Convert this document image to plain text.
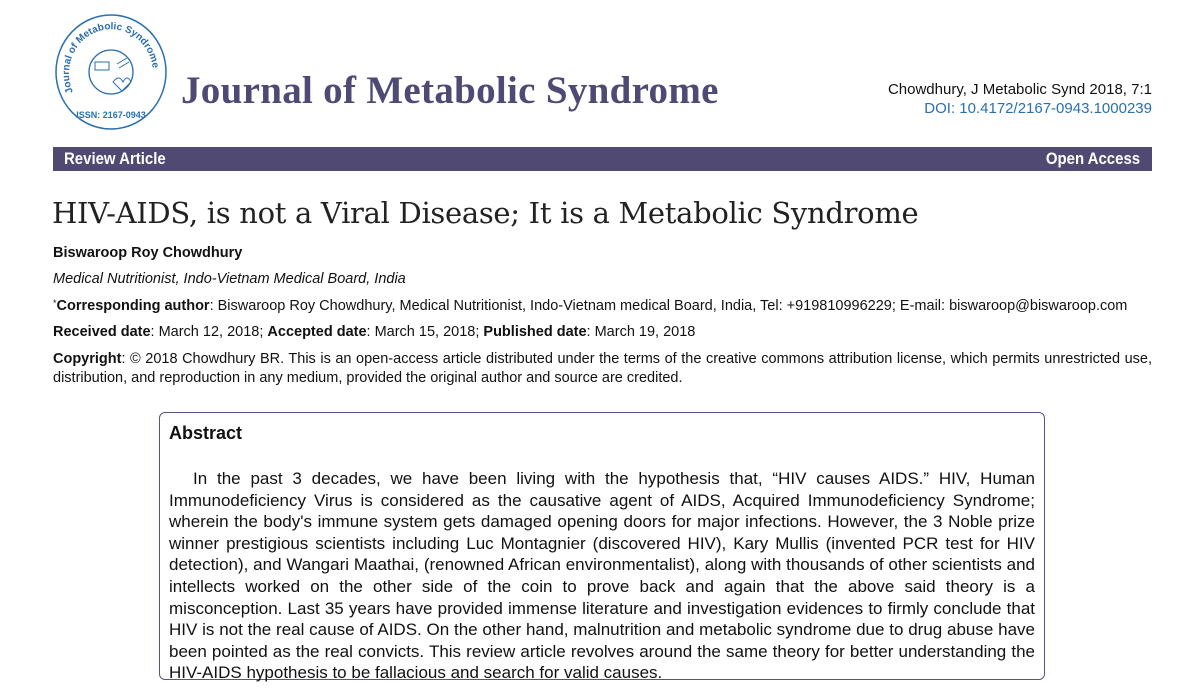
Journal of Metabolic Syndrome
ISSN: 2167-0943
Journal of Metabolic Syndrome	Chowdhury, J Metabolic Synd 2018, 7:1
DOI: 10.4172/2167-0943.1000239
Review Article	Open Access
HIV-AIDS, is not a Viral Disease; It is a Metabolic Syndrome
Biswaroop Roy Chowdhury
Medical Nutritionist, Indo-Vietnam Medical Board, India
*Corresponding author: Biswaroop Roy Chowdhury, Medical Nutritionist, Indo-Vietnam medical Board, India, Tel: +919810996229; E-mail: biswaroop@biswaroop.com
Received date: March 12, 2018; Accepted date: March 15, 2018; Published date: March 19, 2018
Copyright: © 2018 Chowdhury BR. This is an open-access article distributed under the terms of the creative commons attribution license, which permits unrestricted use, distribution, and reproduction in any medium, provided the original author and source are credited.
Abstract
In the past 3 decades, we have been living with the hypothesis that, “HIV causes AIDS.” HIV, Human
Immunodeficiency Virus is considered as the causative agent of AIDS, Acquired Immunodeficiency Syndrome;
wherein the body's immune system gets damaged opening doors for major infections. However, the 3 Noble prize
winner prestigious scientists including Luc Montagnier (discovered HIV), Kary Mullis (invented PCR test for HIV
detection), and Wangari Maathai, (renowned African environmentalist), along with thousands of other scientists and
intellects worked on the other side of the coin to prove back and again that the above said theory is a
misconception. Last 35 years have provided immense literature and investigation evidences to firmly conclude that
HIV is not the real cause of AIDS. On the other hand, malnutrition and metabolic syndrome due to drug abuse have
been pointed as the real convicts. This review article revolves around the same theory for better understanding the
HIV-AIDS hypothesis to be fallacious and search for valid causes.
